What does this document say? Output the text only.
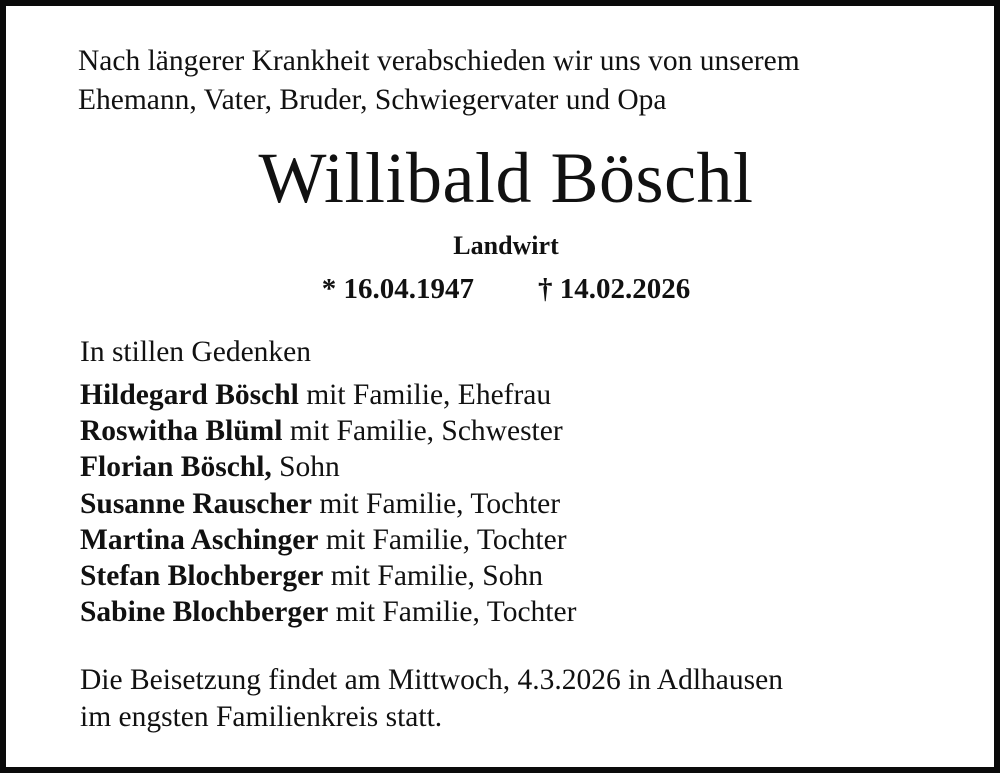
Nach längerer Krankheit verabschieden wir uns von unserem
Ehemann, Vater, Bruder, Schwiegervater und Opa
Willibald Böschl
Landwirt
* 16.04.1947 † 14.02.2026
In stillen Gedenken
Hildegard Böschl mit Familie, Ehefrau
Roswitha Blüml mit Familie, Schwester
Florian Böschl, Sohn
Susanne Rauscher mit Familie, Tochter
Martina Aschinger mit Familie, Tochter
Stefan Blochberger mit Familie, Sohn
Sabine Blochberger mit Familie, Tochter
Die Beisetzung findet am Mittwoch, 4.3.2026 in Adlhausen
im engsten Familienkreis statt.
